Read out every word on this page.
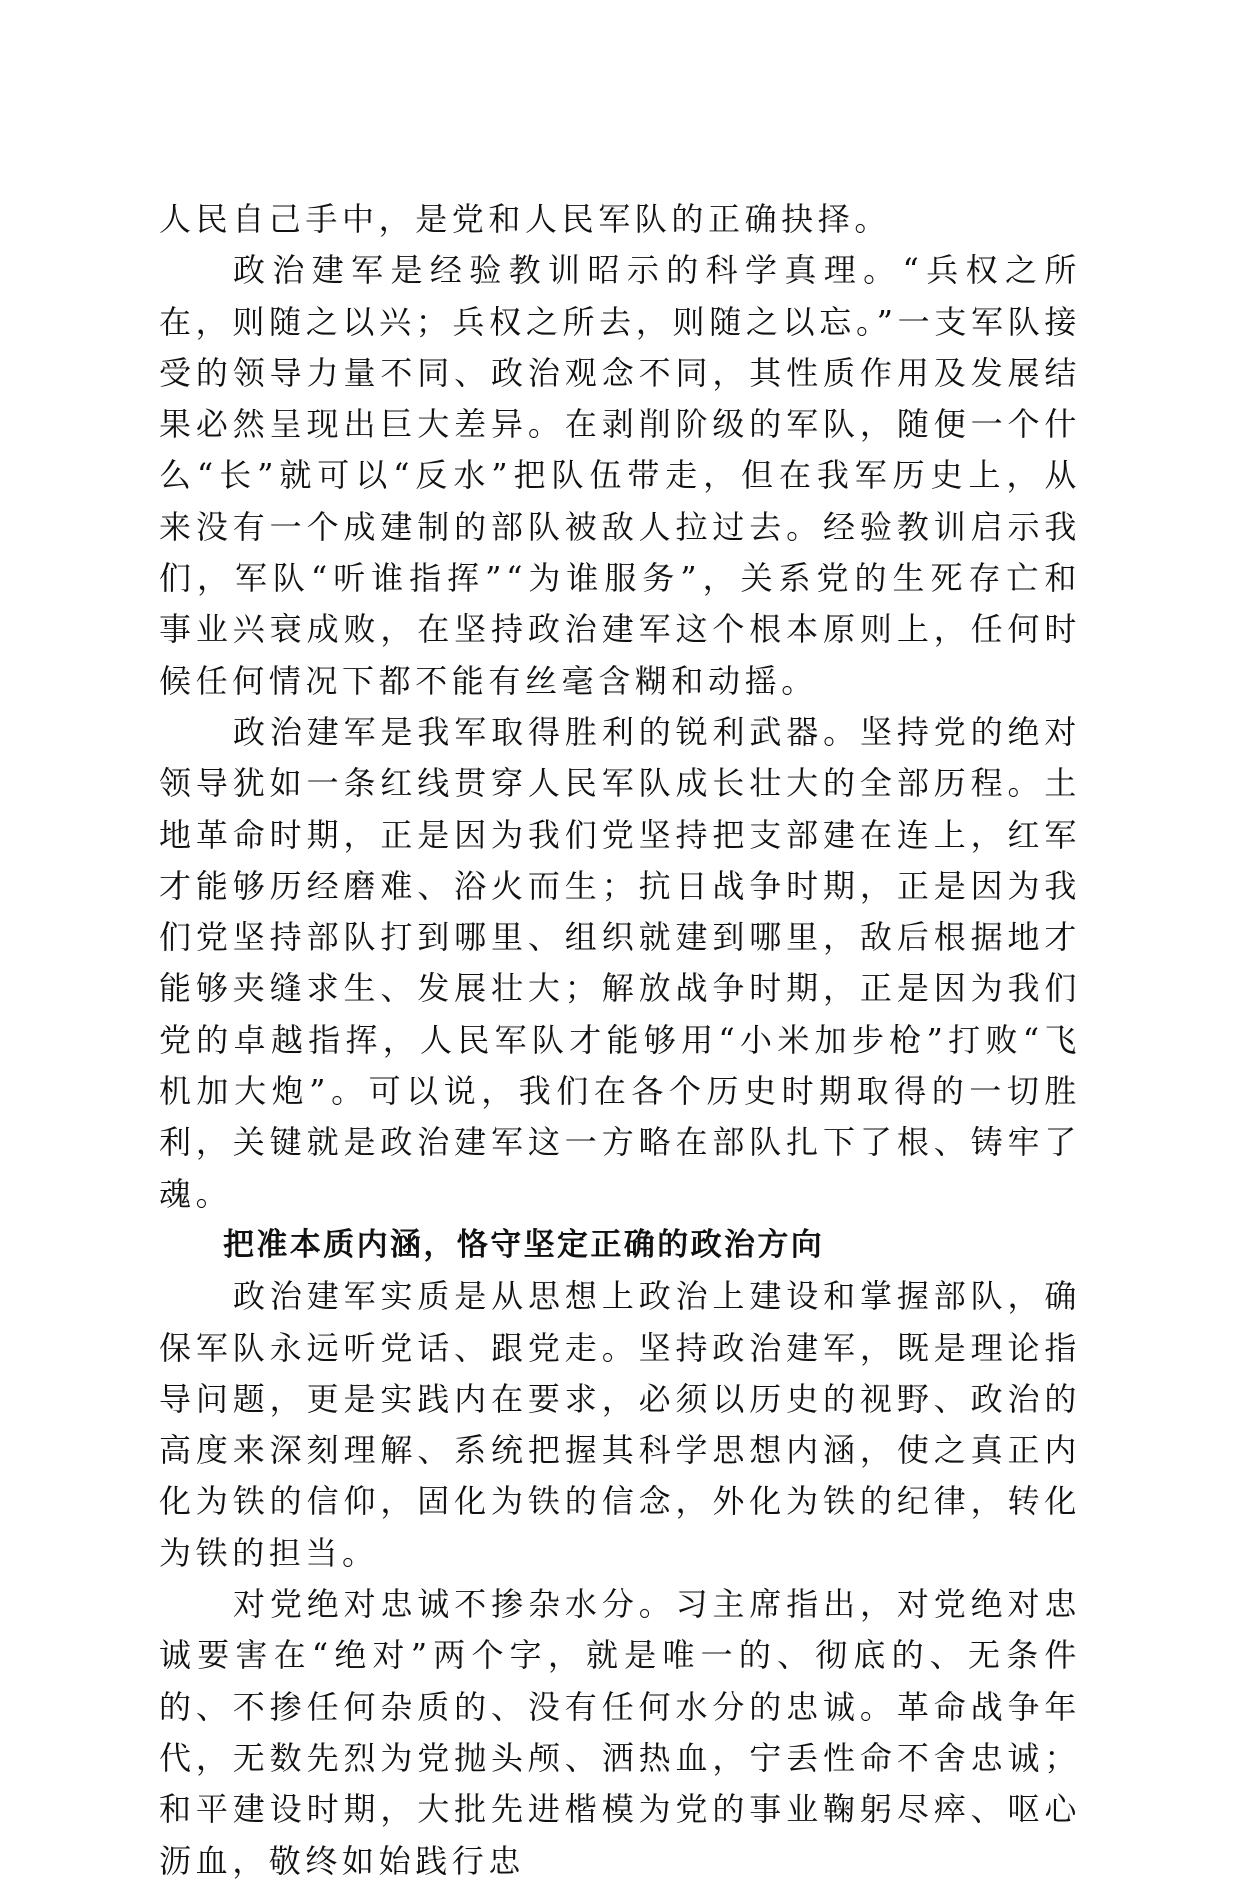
人民自己手中，是党和人民军队的正确抉择。

政治建军是经验教训昭示的科学真理。“兵权之所在，则随之以兴；兵权之所去，则随之以忘。”一支军队接受的领导力量不同、政治观念不同，其性质作用及发展结果必然呈现出巨大差异。在剥削阶级的军队，随便一个什么“长”就可以“反水”把队伍带走，但在我军历史上，从来没有一个成建制的部队被敌人拉过去。经验教训启示我们，军队“听谁指挥”“为谁服务”，关系党的生死存亡和事业兴衰成败，在坚持政治建军这个根本原则上，任何时候任何情况下都不能有丝毫含糊和动摇。

政治建军是我军取得胜利的锐利武器。坚持党的绝对领导犹如一条红线贯穿人民军队成长壮大的全部历程。土地革命时期，正是因为我们党坚持把支部建在连上，红军才能够历经磨难、浴火而生；抗日战争时期，正是因为我们党坚持部队打到哪里、组织就建到哪里，敌后根据地才能够夹缝求生、发展壮大；解放战争时期，正是因为我们党的卓越指挥，人民军队才能够用“小米加步枪”打败“飞机加大炮”。可以说，我们在各个历史时期取得的一切胜利，关键就是政治建军这一方略在部队扎下了根、铸牢了魂。

把准本质内涵，恪守坚定正确的政治方向

政治建军实质是从思想上政治上建设和掌握部队，确保军队永远听党话、跟党走。坚持政治建军，既是理论指导问题，更是实践内在要求，必须以历史的视野、政治的高度来深刻理解、系统把握其科学思想内涵，使之真正内化为铁的信仰，固化为铁的信念，外化为铁的纪律，转化为铁的担当。

对党绝对忠诚不掺杂水分。习主席指出，对党绝对忠诚要害在“绝对”两个字，就是唯一的、彻底的、无条件的、不掺任何杂质的、没有任何水分的忠诚。革命战争年代，无数先烈为党抛头颅、洒热血，宁丢性命不舍忠诚；和平建设时期，大批先进楷模为党的事业鞠躬尽瘁、呕心沥血，敬终如始践行忠
